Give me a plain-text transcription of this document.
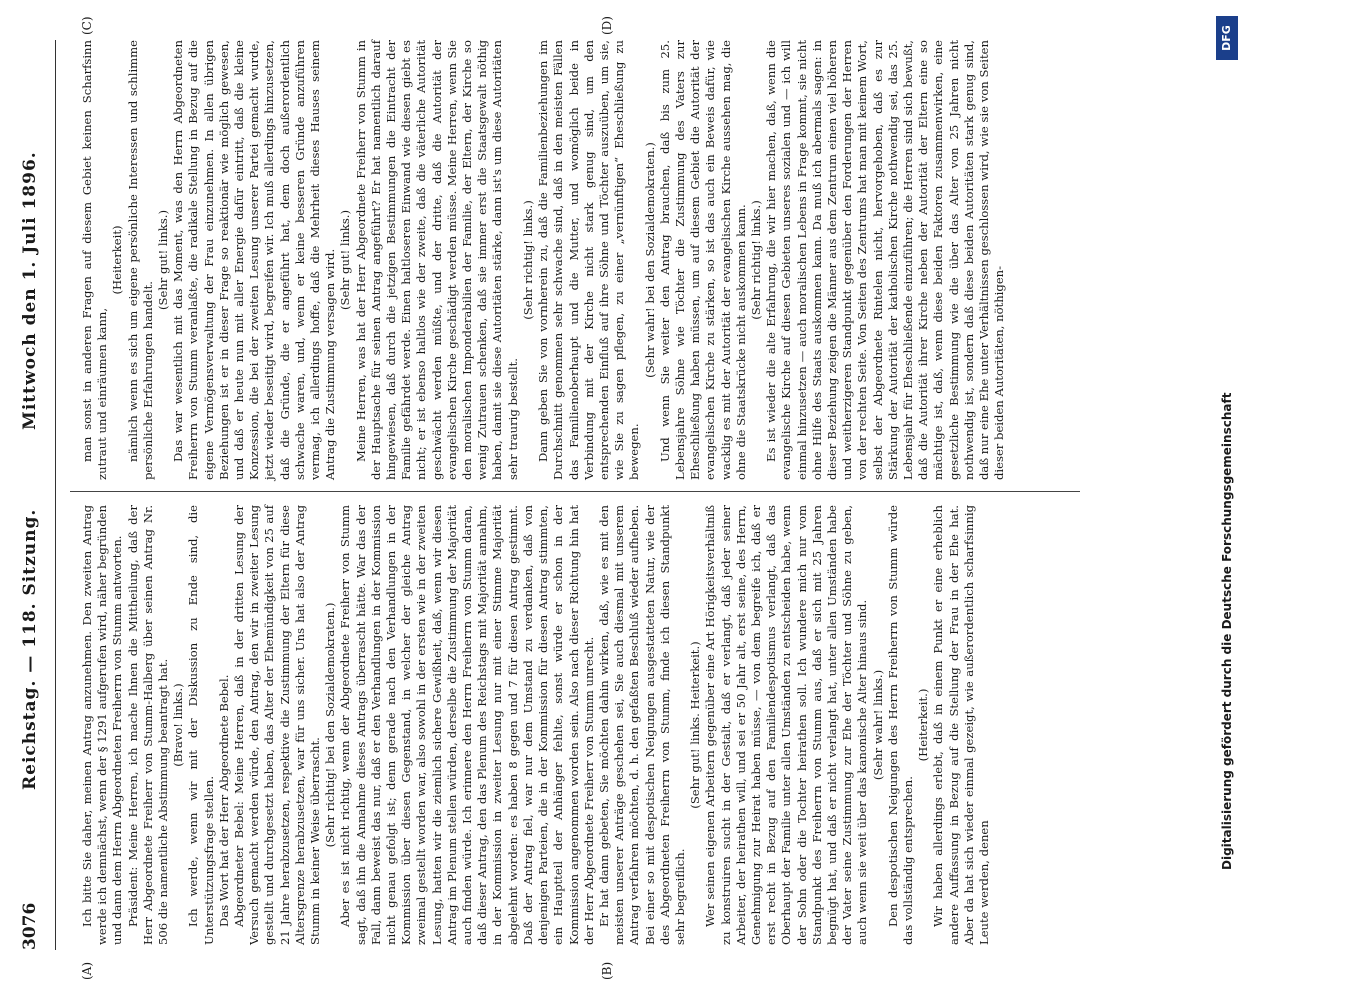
3076
Reichstag. — 118. Sitzung.
Mittwoch den 1. Juli 1896.
(A)	(B)
(C)	(D)

Ich bitte Sie daher, meinen Antrag anzunehmen. Den zweiten Antrag werde ich demnächst, wenn der § 1291 aufgerufen wird, näher begründen und dann dem Herrn Abgeordneten Freiherrn von Stumm antworten. Präsident: Meine Herren, ich mache Ihnen die Mittheilung, daß der Herr Abgeordnete Freiherr von Stumm-Halberg über seinen Antrag Nr. 506 die namentliche Abstimmung beantragt hat. (Bravo! links.) Ich werde, wenn wir mit der Diskussion zu Ende sind, die Unterstützungsfrage stellen. Das Wort hat der Herr Abgeordnete Bebel. Abgeordneter Bebel: Meine Herren, daß in der dritten Lesung der Versuch gemacht werden würde, den Antrag, den wir in zweiter Lesung gestellt und durchgesetzt haben, das Alter der Ehemündigkeit von 25 auf 21 Jahre herabzusetzen, respektive die Zustimmung der Eltern für diese Altersgrenze herabzusetzen, war für uns sicher. Uns hat also der Antrag Stumm in keiner Weise überrascht. (Sehr richtig! bei den Sozialdemokraten.) Aber es ist nicht richtig, wenn der Abgeordnete Freiherr von Stumm sagt, daß ihn die Annahme dieses Antrags überrascht hätte. War das der Fall, dann beweist das nur, daß er den Verhandlungen in der Kommission nicht genau gefolgt ist; denn gerade nach den Verhandlungen in der Kommission über diesen Gegenstand, in welcher der gleiche Antrag zweimal gestellt worden war, also sowohl in der ersten wie in der zweiten Lesung, hatten wir die ziemlich sichere Gewißheit, daß, wenn wir diesen Antrag im Plenum stellen würden, derselbe die Zustimmung der Majorität auch finden würde. Ich erinnere den Herrn Freiherrn von Stumm daran, daß dieser Antrag, den das Plenum des Reichstags mit Majorität annahm, in der Kommission in zweiter Lesung nur mit einer Stimme Majorität abgelehnt worden: es haben 8 gegen und 7 für diesen Antrag gestimmt. Daß der Antrag fiel, war nur dem Umstand zu verdanken, daß von denjenigen Parteien, die in der Kommission für diesen Antrag stimmten, ein Hauptteil der Anhänger fehlte, sonst würde er schon in der Kommission angenommen worden sein. Also nach dieser Richtung hin hat der Herr Abgeordnete Freiherr von Stumm unrecht. Er hat dann gebeten, Sie möchten dahin wirken, daß, wie es mit den meisten unserer Anträge geschehen sei, Sie auch diesmal mit unserem Antrag verfahren möchten, d. h. den gefaßten Beschluß wieder aufheben. Bei einer so mit despotischen Neigungen ausgestatteten Natur, wie der des Abgeordneten Freiherrn von Stumm, finde ich diesen Standpunkt sehr begreiflich.

(Sehr gut! links. Heiterkeit.) Wer seinen eigenen Arbeitern gegenüber eine Art Hörigkeitsverhältniß zu konstruiren sucht in der Gestalt, daß er verlangt, daß jeder seiner Arbeiter, der heirathen will, und sei er 50 Jahr alt, erst seine, des Herrn, Genehmigung zur Heirat haben müsse, — von dem begreife ich, daß er erst recht in Bezug auf den Familiendespotismus verlangt, daß das Oberhaupt der Familie unter allen Umständen zu entscheiden habe, wenn der Sohn oder die Tochter heirathen soll. Ich wundere mich nur vom Standpunkt des Freiherrn von Stumm aus, daß er sich mit 25 Jahren begnügt hat, und daß er nicht verlangt hat, unter allen Umständen habe der Vater seine Zustimmung zur Ehe der Töchter und Söhne zu geben, auch wenn sie weit über das kanonische Alter hinaus sind. (Sehr wahr! links.) Den despotischen Neigungen des Herrn Freiherrn von Stumm würde das vollständig entsprechen.

(Heiterkeit.) Wir haben allerdings erlebt, daß in einem Punkt er eine erheblich andere Auffassung in Bezug auf die Stellung der Frau in der Ehe hat. Aber da hat sich wieder einmal gezeigt, wie außerordentlich scharfsinnig Leute werden, denen

man sonst in anderen Fragen auf diesem Gebiet keinen Scharfsinn zutraut und einräumen kann,

(Heiterkeit) nämlich wenn es sich um eigene persönliche Interessen und schlimme persönliche Erfahrungen handelt.

(Sehr gut! links.) Das war wesentlich mit das Moment, was den Herrn Abgeordneten Freiherrn von Stumm veranlaßte, die radikale Stellung in Bezug auf die eigene Vermögensverwaltung der Frau einzunehmen. In allen übrigen Beziehungen ist er in dieser Frage so reaktionär wie möglich gewesen, und daß er heute nun mit aller Energie dafür eintritt, daß die kleine Konzession, die bei der zweiten Lesung unserer Partei gemacht wurde, jetzt wieder beseitigt wird, begreifen wir. Ich muß allerdings hinzusetzen, daß die Gründe, die er angeführt hat, dem doch außerordentlich schwache waren, und, wenn er keine besseren Gründe anzuführen vermag, ich allerdings hoffe, daß die Mehrheit dieses Hauses seinem Antrag die Zustimmung versagen wird. (Sehr gut! links.) Meine Herren, was hat der Herr Abgeordnete Freiherr von Stumm in der Hauptsache für seinen Antrag angeführt? Er hat namentlich darauf hingewiesen, daß durch die jetzigen Bestimmungen die Eintracht der Familie gefährdet werde. Einen haltloseren Einwand wie diesen giebt es nicht; er ist ebenso haltlos wie der zweite, daß die väterliche Autorität geschwächt werden müßte, und der dritte, daß die Autorität der evangelischen Kirche geschädigt werden müsse. Meine Herren, wenn Sie den moralischen Imponderabilien der Familie, der Eltern, der Kirche so wenig Zutrauen schenken, daß sie immer erst die Staatsgewalt nöthig haben, damit sie diese Autoritäten stärke, dann ist's um diese Autoritäten sehr traurig bestellt.

(Sehr richtig! links.) Dann geben Sie von vornherein zu, daß die Familienbeziehungen im Durchschnitt genommen sehr schwache sind, daß in den meisten Fällen das Familienoberhaupt und die Mutter, und womöglich beide in Verbindung mit der Kirche nicht stark genug sind, um den entsprechenden Einfluß auf ihre Söhne und Töchter auszuüben, um sie, wie Sie zu sagen pflegen, zu einer „vernünftigen“ Eheschließung zu bewegen.

(Sehr wahr! bei den Sozialdemokraten.) Und wenn Sie weiter den Antrag brauchen, daß bis zum 25. Lebensjahre Söhne wie Töchter die Zustimmung des Vaters zur Eheschließung haben müssen, um auf diesem Gebiet die Autorität der evangelischen Kirche zu stärken, so ist das auch ein Beweis dafür, wie wacklig es mit der Autorität der evangelischen Kirche aussehen mag, die ohne die Staatskrücke nicht auskommen kann. (Sehr richtig! links.) Es ist wieder die alte Erfahrung, die wir hier machen, daß, wenn die evangelische Kirche auf diesen Gebieten unseres sozialen und — ich will einmal hinzusetzen — auch moralischen Lebens in Frage kommt, sie nicht ohne Hilfe des Staats auskommen kann. Da muß ich abermals sagen: in dieser Beziehung zeigen die Männer aus dem Zentrum einen viel höheren und weitherzigeren Standpunkt gegenüber den Forderungen der Herren von der rechten Seite. Von Seiten des Zentrums hat man mit keinem Wort, selbst der Abgeordnete Rintelen nicht, hervorgehoben, daß es zur Stärkung der Autorität der katholischen Kirche nothwendig sei, das 25. Lebensjahr für Eheschließende einzuführen; die Herren sind sich bewußt, daß die Autorität ihrer Kirche neben der Autorität der Eltern eine so mächtige ist, daß, wenn diese beiden Faktoren zusammenwirken, eine gesetzliche Bestimmung wie die über das Alter von 25 Jahren nicht nothwendig ist, sondern daß diese beiden Autoritäten stark genug sind, daß nur eine Ehe unter Verhältnissen geschlossen wird, wie sie von Seiten dieser beiden Autoritäten, nöthigen-

Digitalisierung gefördert durch die Deutsche Forschungsgemeinschaft
DFG
